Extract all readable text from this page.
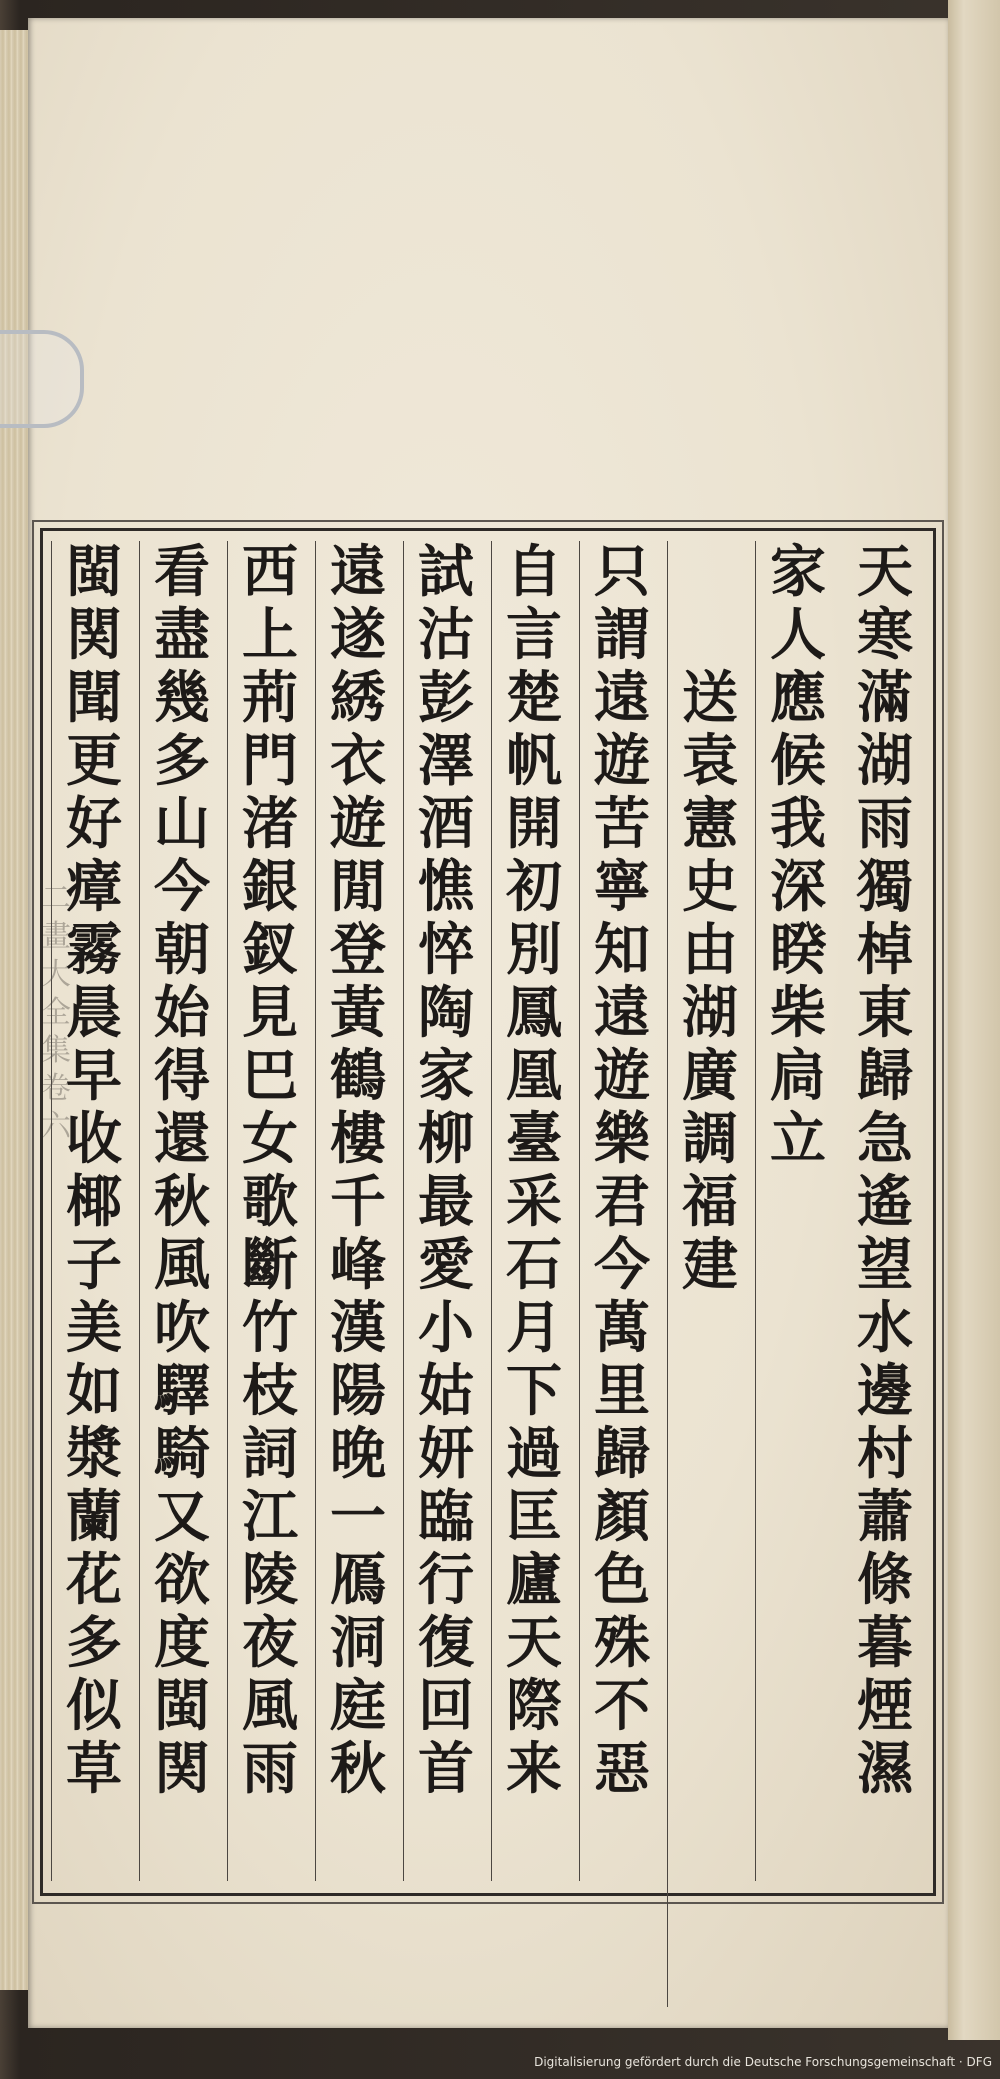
二
畫
大
全
集
卷
六
天
寒
滿
湖
雨
獨
棹
東
歸
急
遙
望
水
邊
村
蕭
條
暮
煙
濕
家
人
應
候
我
深
睽
柴
扃
立
送
袁
憲
史
由
湖
廣
調
福
建
只
謂
遠
遊
苦
寧
知
遠
遊
樂
君
今
萬
里
歸
顏
色
殊
不
惡
自
言
楚
帆
開
初
別
鳳
凰
臺
采
石
月
下
過
匡
廬
天
際
来
試
沽
彭
澤
酒
憔
悴
陶
家
柳
最
愛
小
姑
妍
臨
行
復
回
首
遠
遂
綉
衣
遊
閒
登
黃
鶴
樓
千
峰
漢
陽
晚
一
鴈
洞
庭
秋
西
上
荊
門
渚
銀
釵
見
巴
女
歌
斷
竹
枝
詞
江
陵
夜
風
雨
看
盡
幾
多
山
今
朝
始
得
還
秋
風
吹
驛
騎
又
欲
度
閩
関
閩
関
聞
更
好
瘴
霧
晨
早
收
椰
子
美
如
漿
蘭
花
多
似
草
Digitalisierung gefördert durch die Deutsche Forschungsgemeinschaft · DFG
